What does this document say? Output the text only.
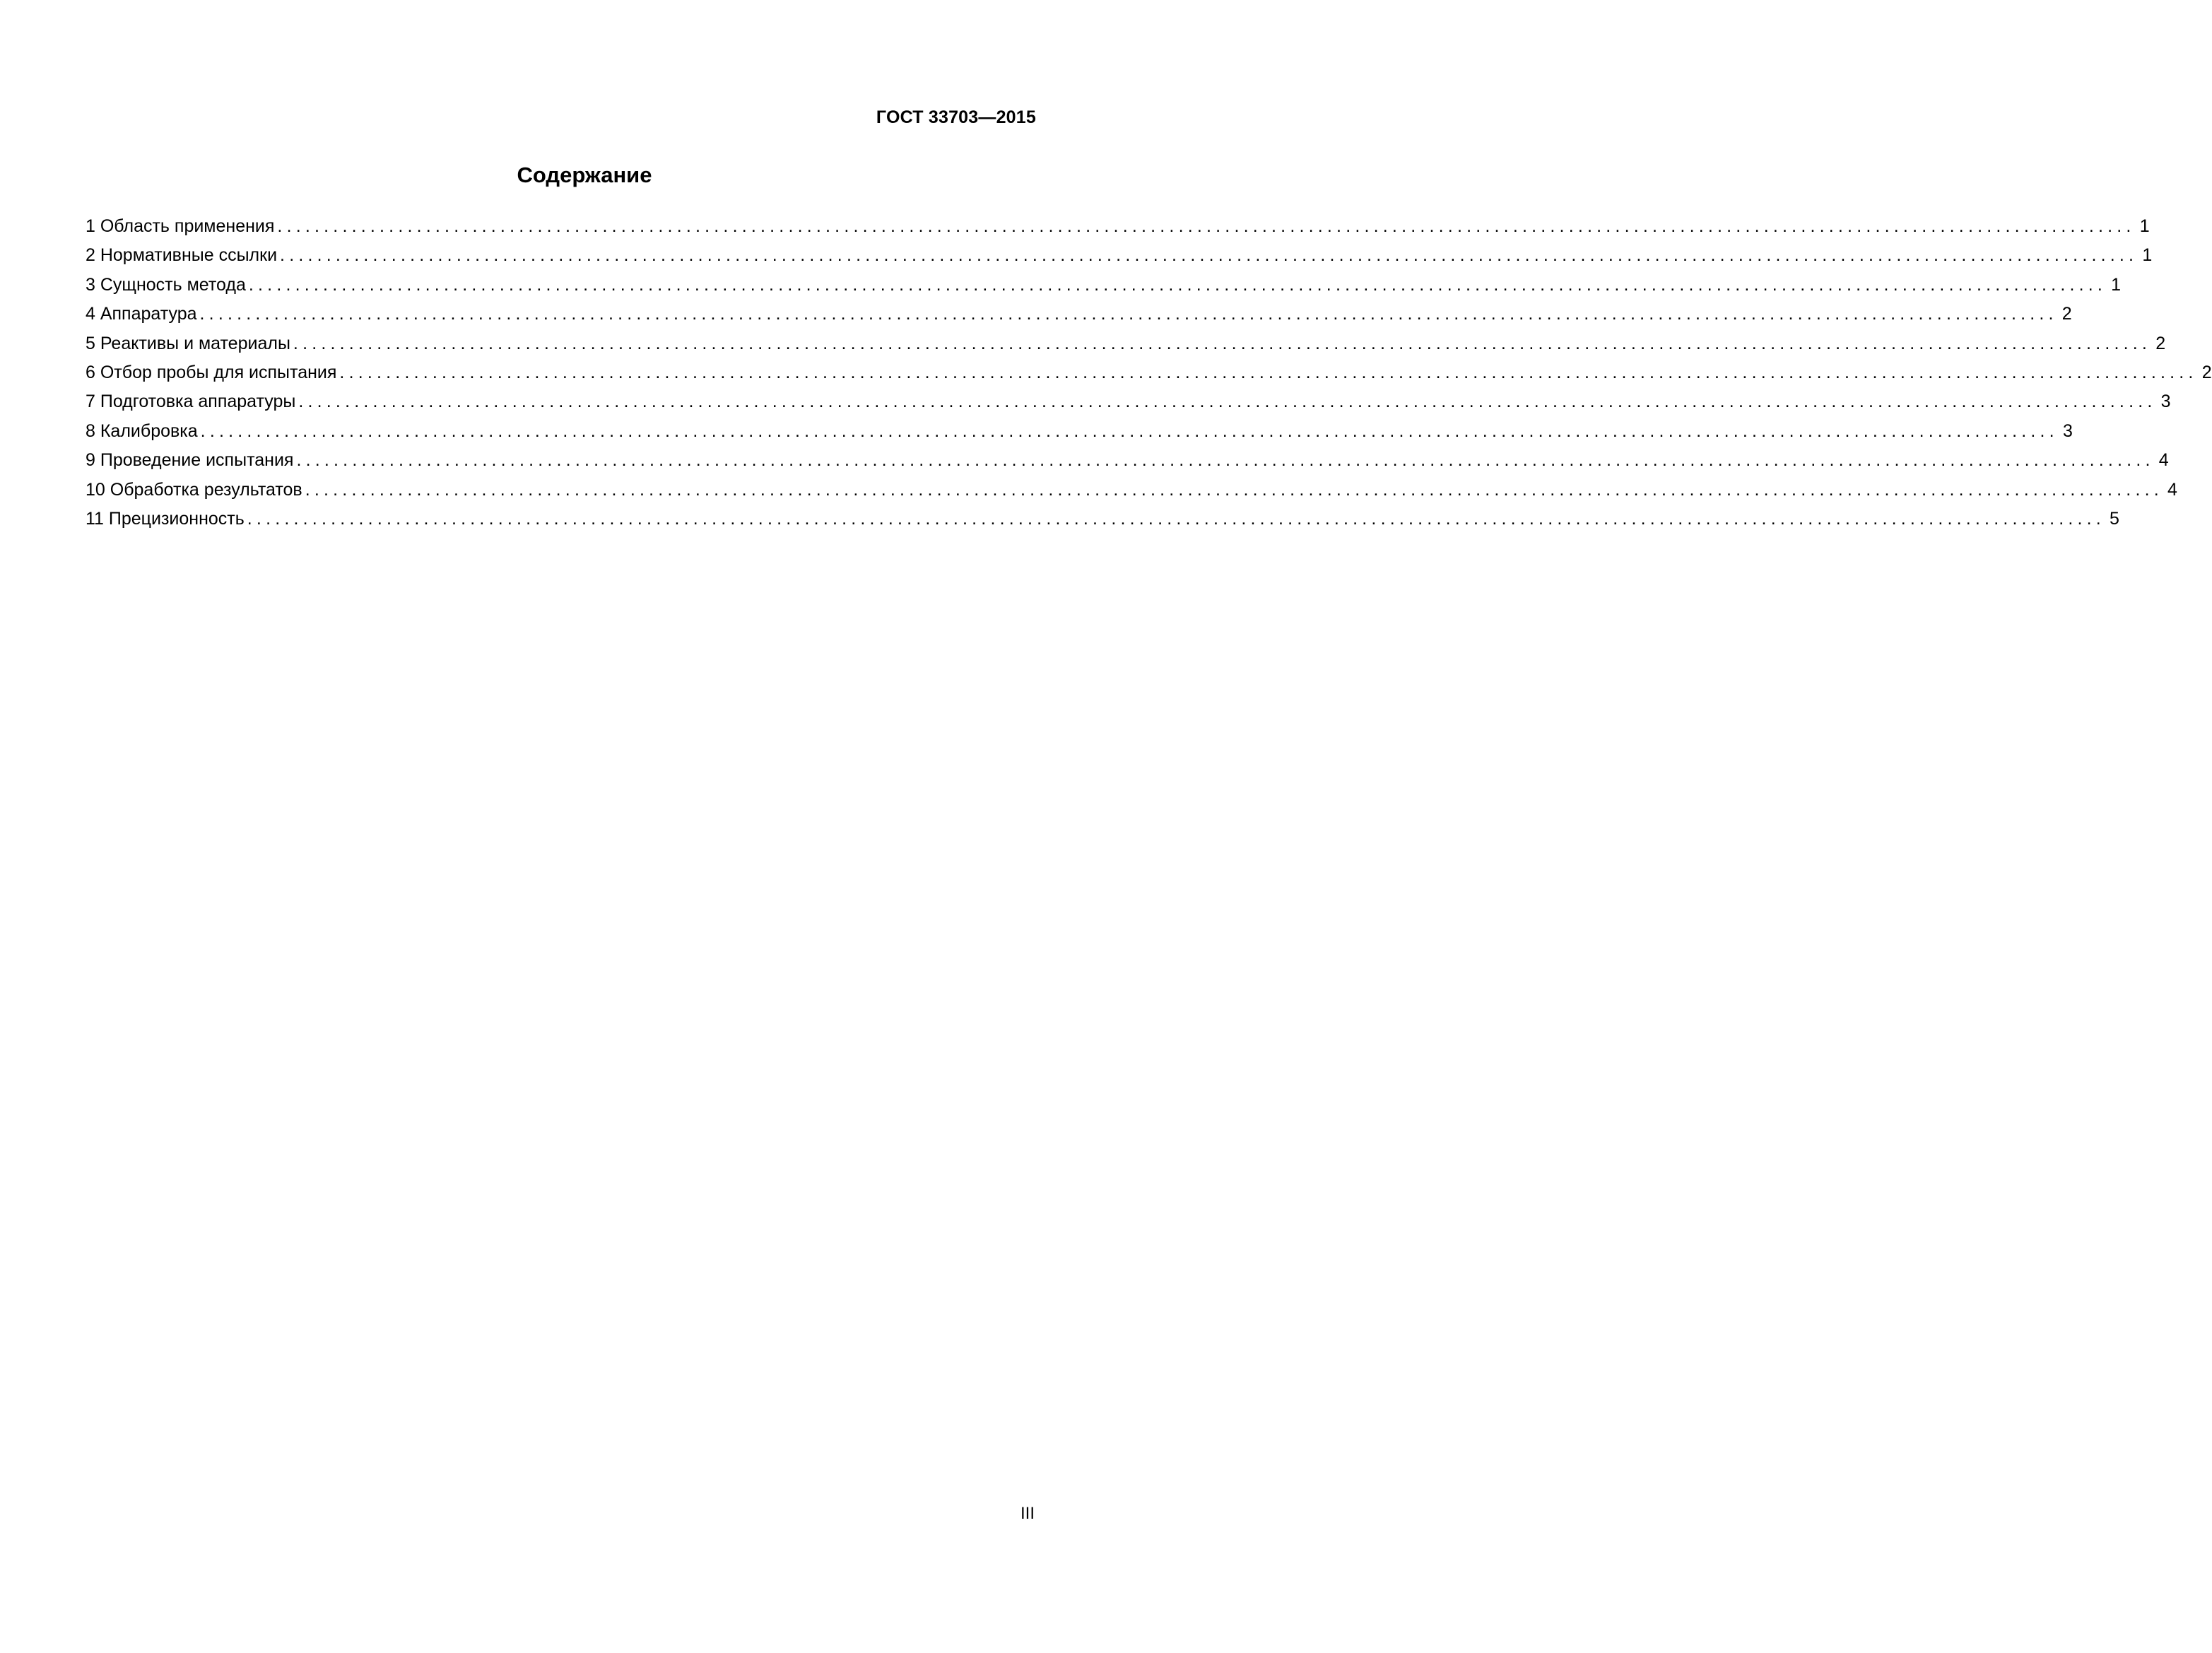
ГОСТ 33703—2015
Содержание
1 Область применения ........................................................................................................................................................................................................ 1
2 Нормативные ссылки ........................................................................................................................................................................................................ 1
3 Сущность метода ........................................................................................................................................................................................................ 1
4 Аппаратура ........................................................................................................................................................................................................ 2
5 Реактивы и материалы ........................................................................................................................................................................................................ 2
6 Отбор пробы для испытания ........................................................................................................................................................................................................ 2
7 Подготовка аппаратуры ........................................................................................................................................................................................................ 3
8 Калибровка ........................................................................................................................................................................................................ 3
9 Проведение испытания ........................................................................................................................................................................................................ 4
10 Обработка результатов ........................................................................................................................................................................................................ 4
11 Прецизионность ........................................................................................................................................................................................................ 5
III
